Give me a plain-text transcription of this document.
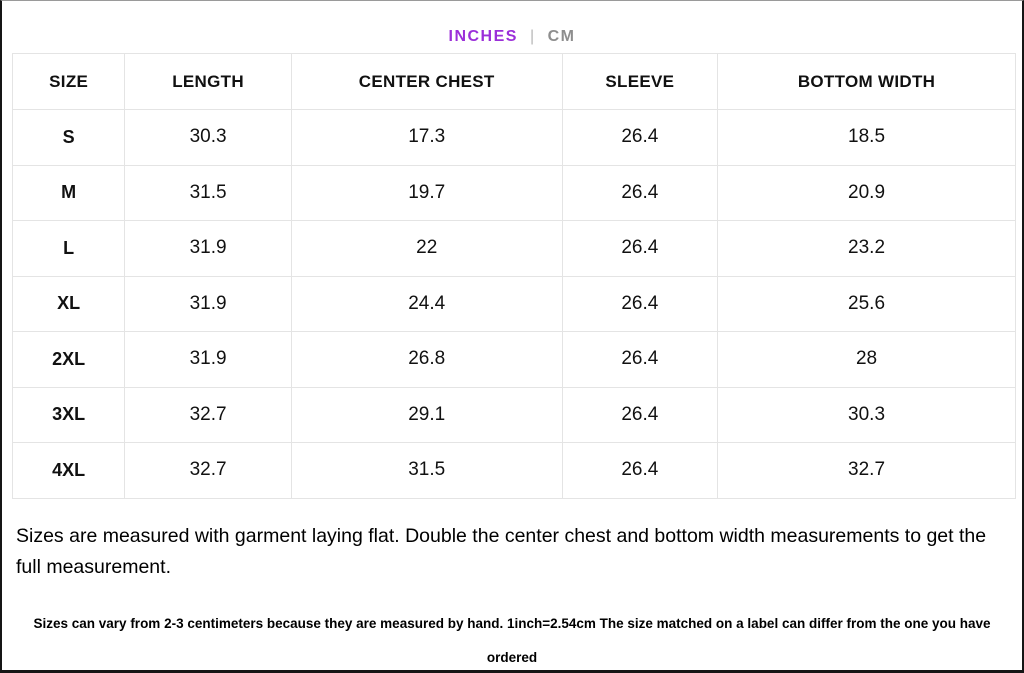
INCHES | CM
SIZE	LENGTH	CENTER CHEST	SLEEVE	BOTTOM WIDTH
S	30.3	17.3	26.4	18.5
M	31.5	19.7	26.4	20.9
L	31.9	22	26.4	23.2
XL	31.9	24.4	26.4	25.6
2XL	31.9	26.8	26.4	28
3XL	32.7	29.1	26.4	30.3
4XL	32.7	31.5	26.4	32.7

Sizes are measured with garment laying flat. Double the center chest and bottom width measurements to get the full measurement.

Sizes can vary from 2-3 centimeters because they are measured by hand. 1inch=2.54cm The size matched on a label can differ from the one you have ordered
